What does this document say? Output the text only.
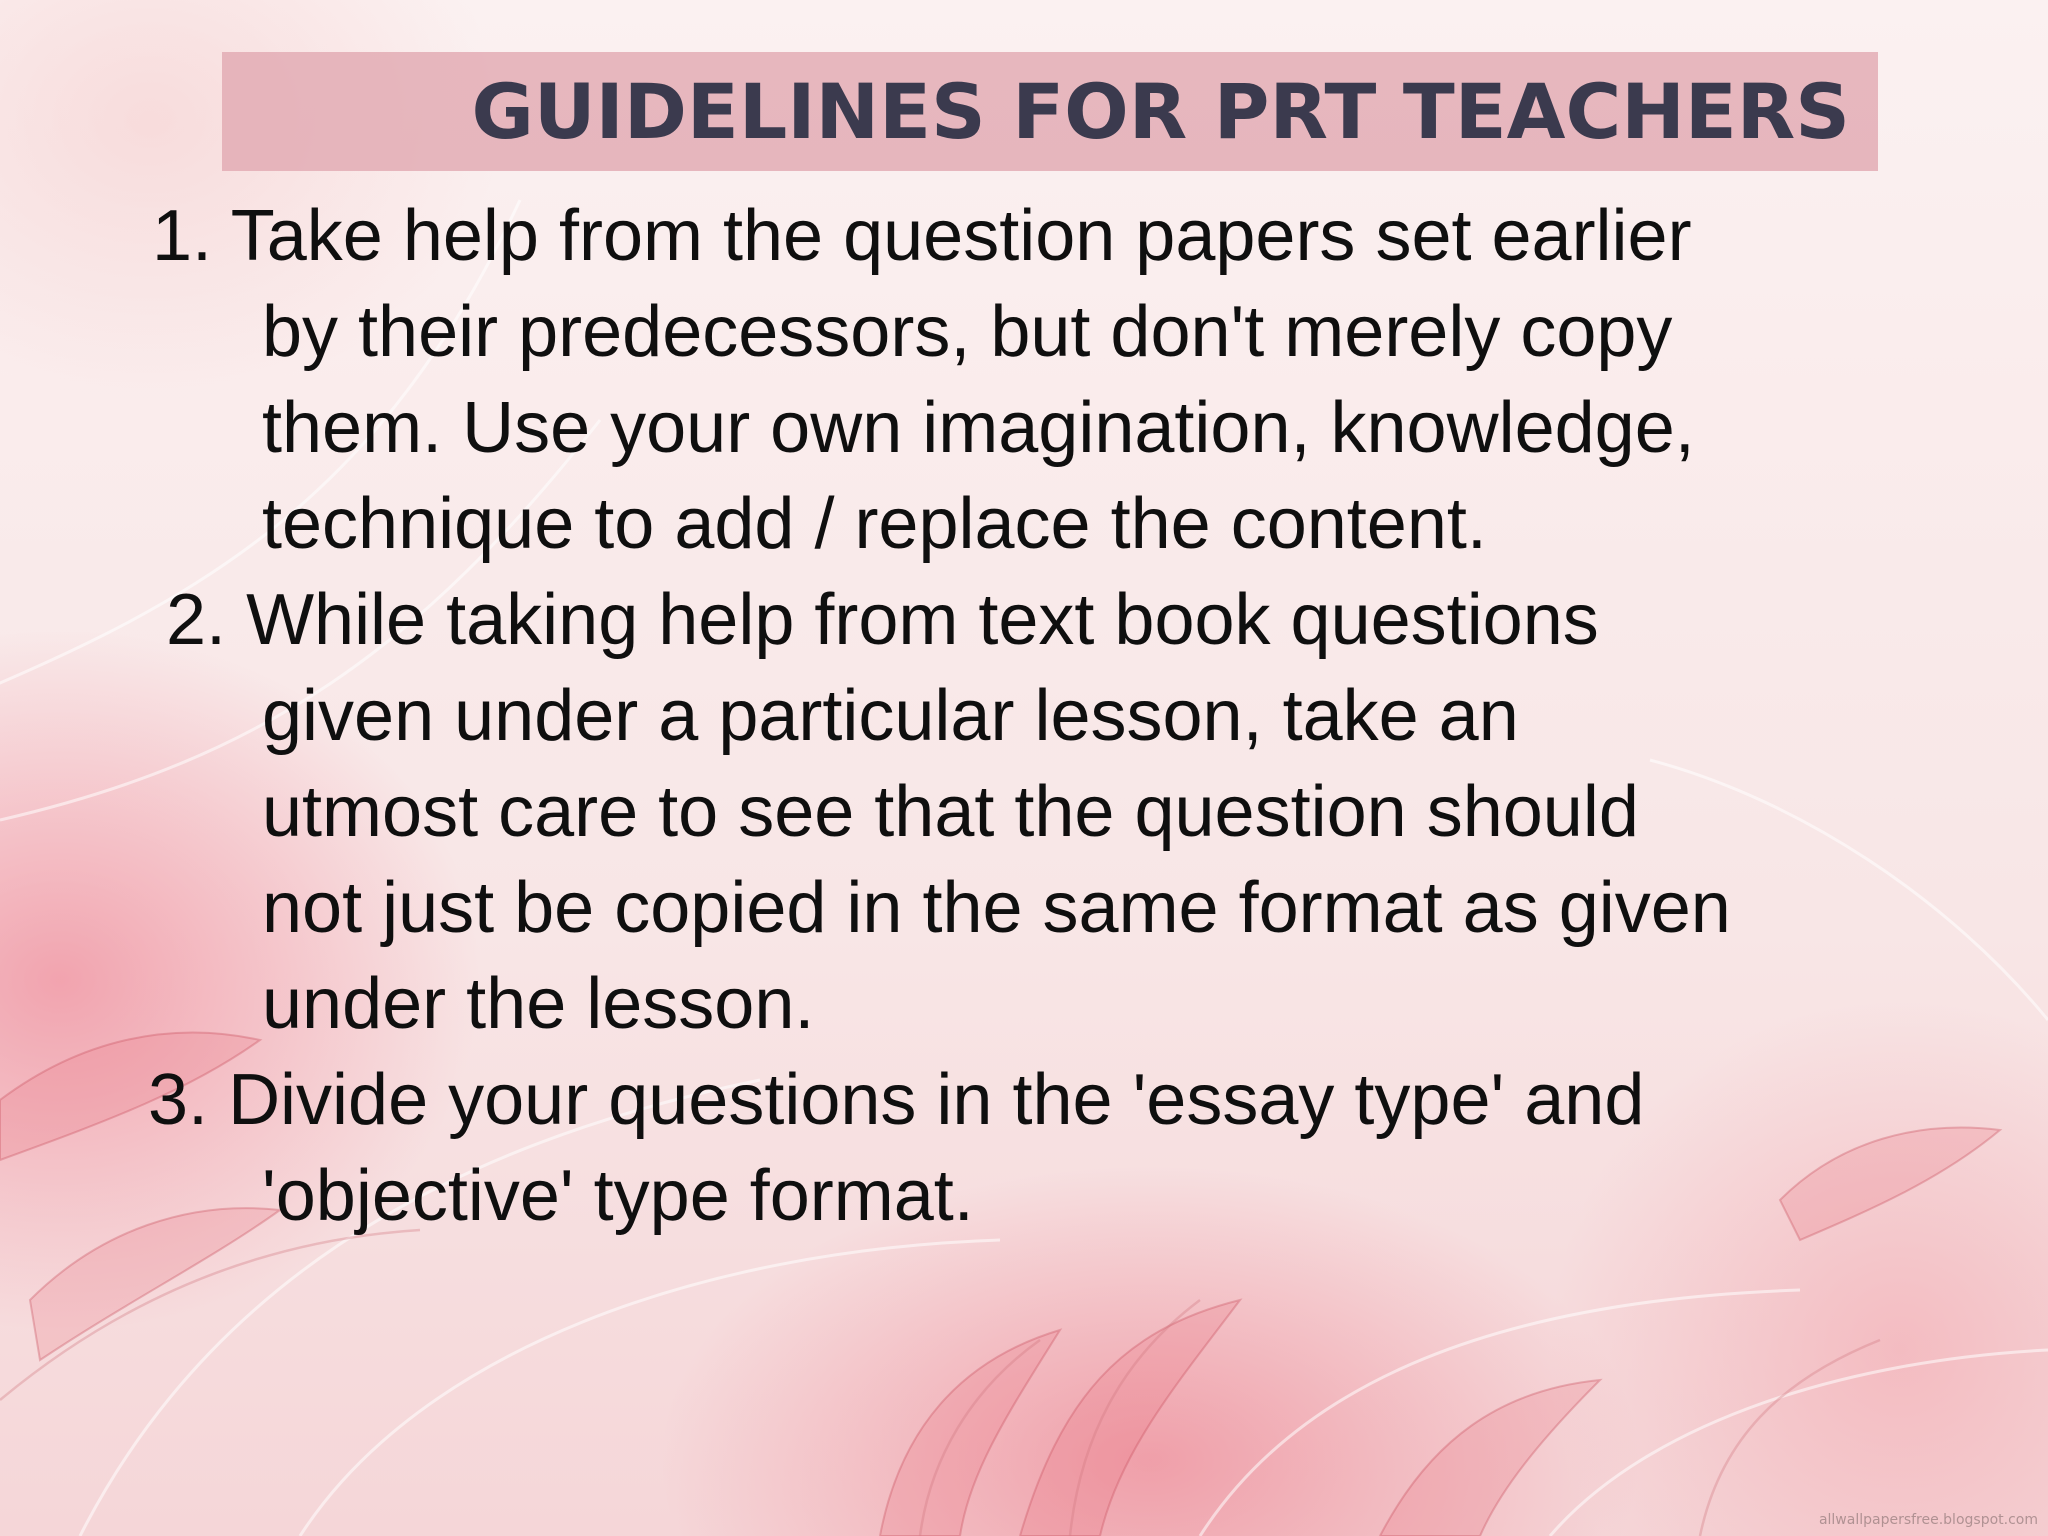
GUIDELINES FOR PRT TEACHERS
1. Take help from the question papers set earlier
by their predecessors, but don't merely copy
them. Use your own imagination, knowledge,
technique to add / replace the content.
2. While taking help from text book questions
given under a particular lesson, take an
utmost care to see that the question should
not just be copied in the same format as given
under the lesson.
3. Divide your questions in the 'essay type' and
'objective' type format.
allwallpapersfree.blogspot.com
